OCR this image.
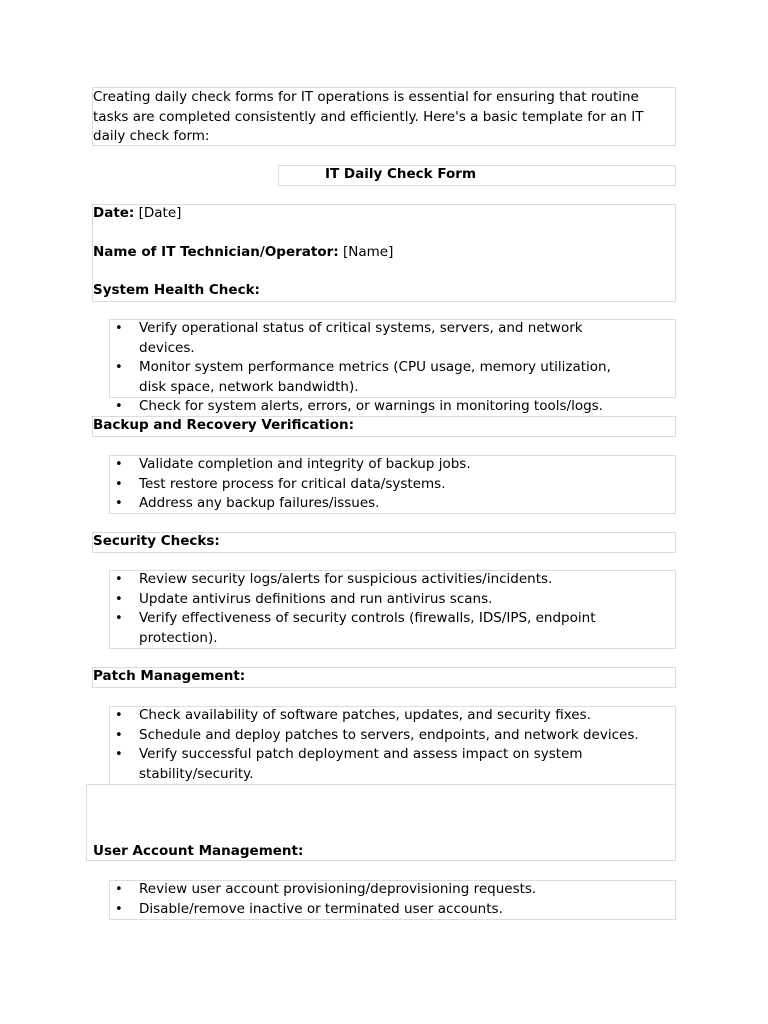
Creating daily check forms for IT operations is essential for ensuring that routine tasks are completed consistently and efficiently. Here's a basic template for an IT daily check form:
IT Daily Check Form
Date: [Date]
Name of IT Technician/Operator: [Name]
System Health Check:
• Verify operational status of critical systems, servers, and network devices.
• Monitor system performance metrics (CPU usage, memory utilization, disk space, network bandwidth).
• Check for system alerts, errors, or warnings in monitoring tools/logs.
Backup and Recovery Verification:
• Validate completion and integrity of backup jobs.
• Test restore process for critical data/systems.
• Address any backup failures/issues.
Security Checks:
• Review security logs/alerts for suspicious activities/incidents.
• Update antivirus definitions and run antivirus scans.
• Verify effectiveness of security controls (firewalls, IDS/IPS, endpoint protection).
Patch Management:
• Check availability of software patches, updates, and security fixes.
• Schedule and deploy patches to servers, endpoints, and network devices.
• Verify successful patch deployment and assess impact on system stability/security.
User Account Management:
• Review user account provisioning/deprovisioning requests.
• Disable/remove inactive or terminated user accounts.
